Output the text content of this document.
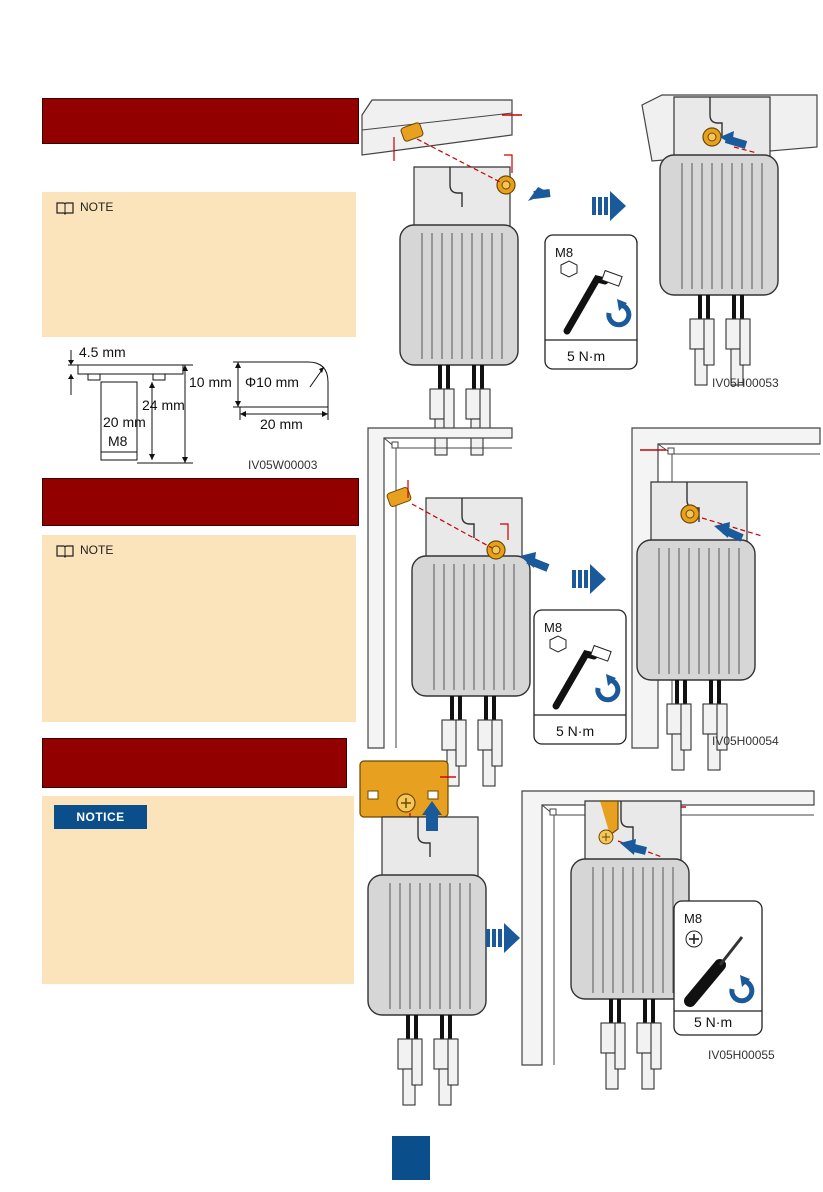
NOTE
4.5 mm
24 mm
20 mm
M8
10 mm Φ10 mm
20 mm
IV05W00003
NOTE
NOTICE
M8
5 N·m
IV05H00053
M8
5 N·m
IV05H00054
M8
5 N·m
IV05H00055
